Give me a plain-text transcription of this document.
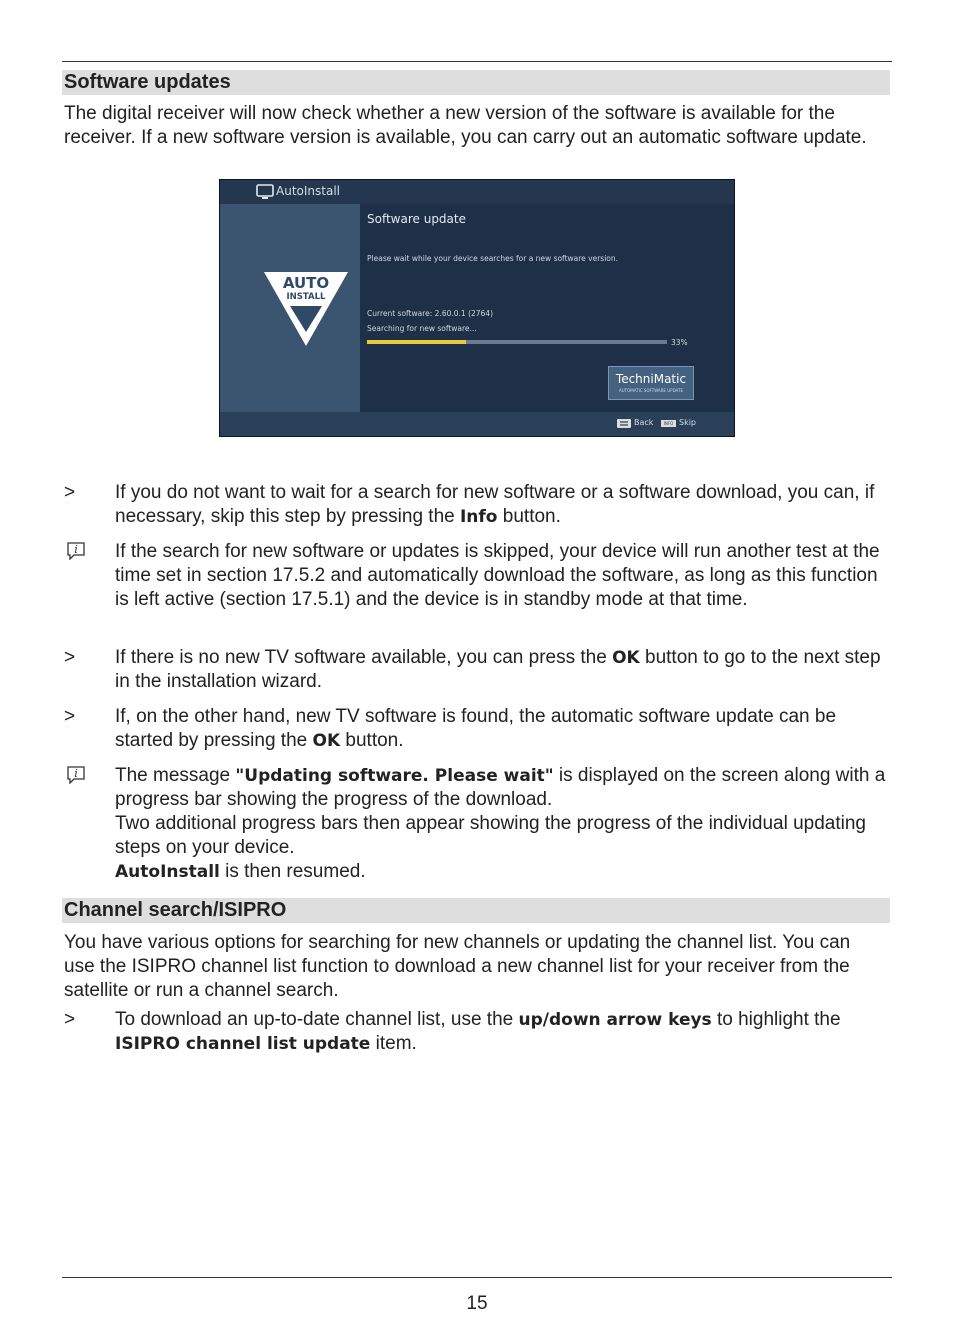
Software updates
The digital receiver will now check whether a new version of the software is available for the receiver. If a new software version is available, you can carry out an automatic software update.
AutoInstall
AUTO
INSTALL
Software update
Please wait while your device searches for a new software version.
Current software: 2.60.0.1 (2764)
Searching for new software...
33%
TechniMatic
AUTOMATIC SOFTWARE UPDATE
Back	INFO Skip
>	If you do not want to wait for a search for new software or a software download, you can, if necessary, skip this step by pressing the Info button.
i If the search for new software or updates is skipped, your device will run another test at the time set in section 17.5.2 and automatically download the software, as long as this function is left active (section 17.5.1) and the device is in standby mode at that time.
>	If there is no new TV software available, you can press the OK button to go to the next step in the installation wizard.
>	If, on the other hand, new TV software is found, the automatic software update can be started by pressing the OK button.
i The message "Updating software. Please wait" is displayed on the screen along with a progress bar showing the progress of the download.
Two additional progress bars then appear showing the progress of the individual updating steps on your device.
AutoInstall is then resumed.
Channel search/ISIPRO
You have various options for searching for new channels or updating the channel list. You can use the ISIPRO channel list function to download a new channel list for your receiver from the satellite or run a channel search.
>	To download an up-to-date channel list, use the up/down arrow keys to highlight the ISIPRO channel list update item.
15
